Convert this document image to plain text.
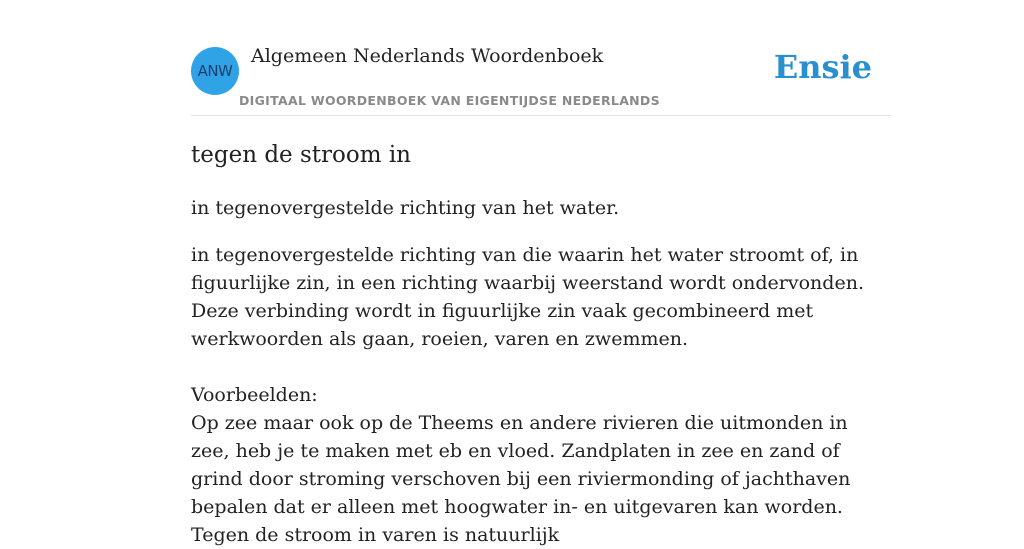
ANW
Algemeen Nederlands Woordenboek
DIGITAAL WOORDENBOEK VAN EIGENTIJDSE NEDERLANDS
Ensie
tegen de stroom in
in tegenovergestelde richting van het water.

in tegenovergestelde richting van die waarin het water stroomt of, in figuurlijke zin, in een richting waarbij weerstand wordt ondervonden.

Deze verbinding wordt in figuurlijke zin vaak gecombineerd met werkwoorden als gaan, roeien, varen en zwemmen.

Voorbeelden:

Op zee maar ook op de Theems en andere rivieren die uitmonden in zee, heb je te maken met eb en vloed. Zandplaten in zee en zand of grind door stroming verschoven bij een riviermonding of jachthaven bepalen dat er alleen met hoogwater in- en uitgevaren kan worden. Tegen de stroom in varen is natuurlijk
